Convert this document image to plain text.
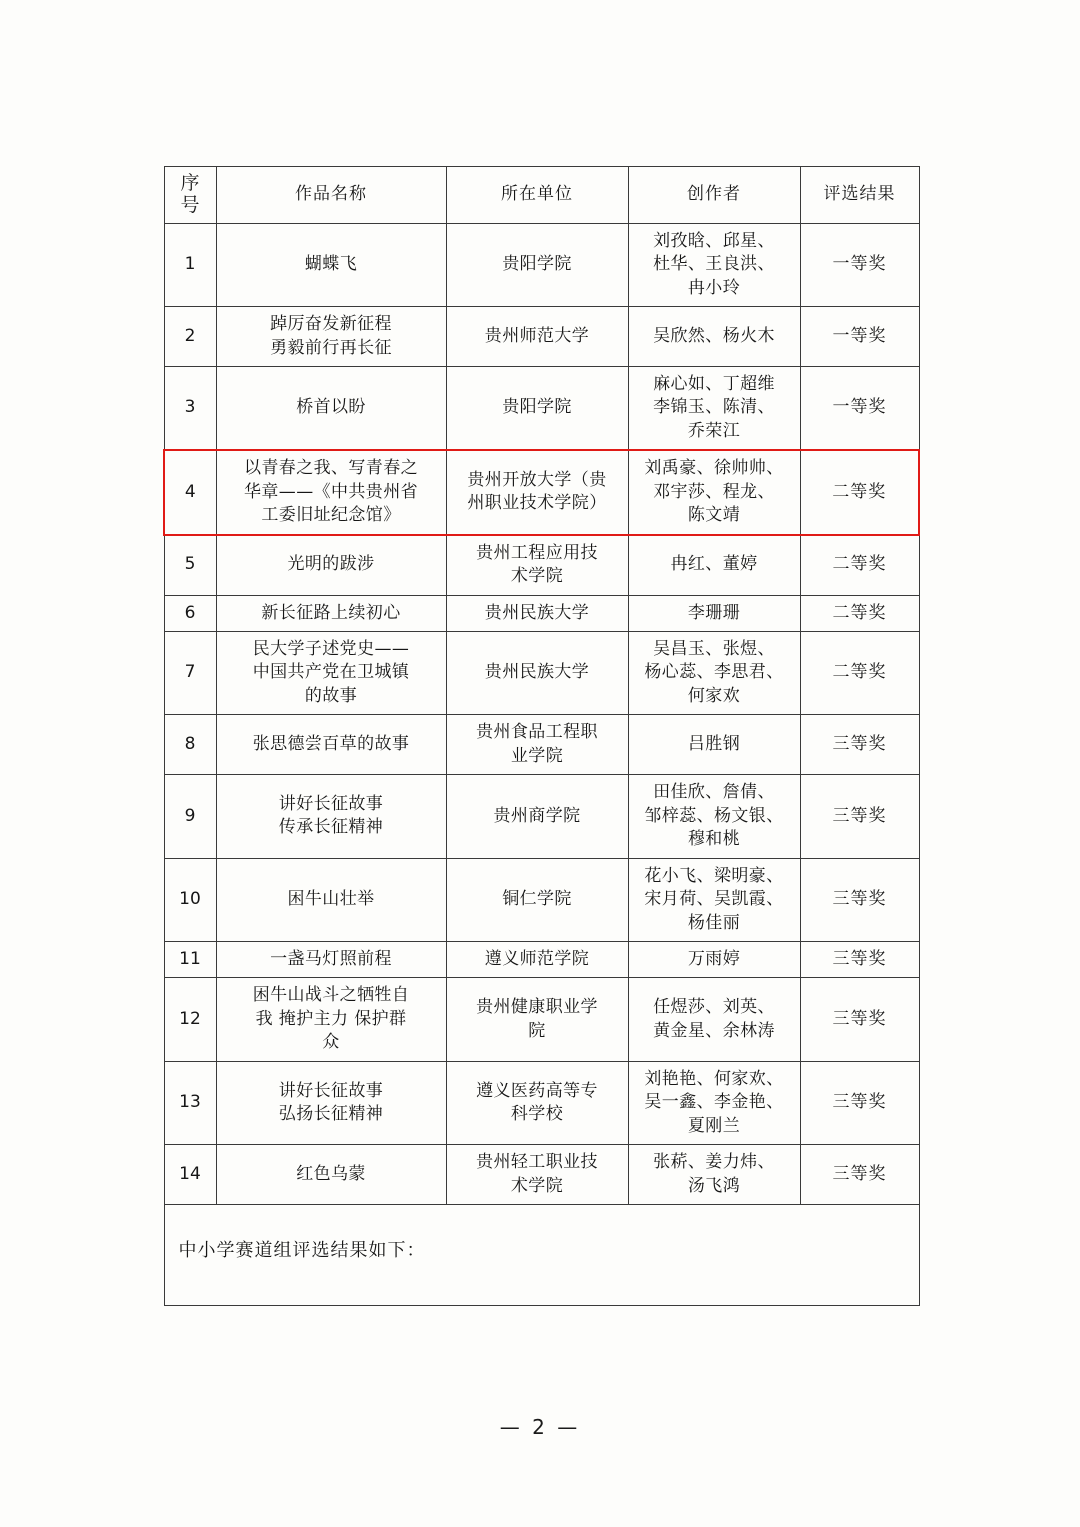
序
号	作品名称	所在单位	创作者	评选结果

1	蝴蝶飞	贵阳学院	刘孜晗、邱星、
杜华、王良洪、
冉小玲	一等奖
2	踔厉奋发新征程
勇毅前行再长征	贵州师范大学	吴欣然、杨火木	一等奖
3	桥首以盼	贵阳学院	麻心如、丁超维
李锦玉、陈清、
乔荣江	一等奖
4	以青春之我、写青春之
华章——《中共贵州省
工委旧址纪念馆》	贵州开放大学（贵
州职业技术学院）	刘禹豪、徐帅帅、
邓宇莎、程龙、
陈文靖	二等奖
5	光明的跋涉	贵州工程应用技
术学院	冉红、董婷	二等奖
6	新长征路上续初心	贵州民族大学	李珊珊	二等奖
7	民大学子述党史——
中国共产党在卫城镇
的故事	贵州民族大学	吴昌玉、张煜、
杨心蕊、李思君、
何家欢	二等奖
8	张思德尝百草的故事	贵州食品工程职
业学院	吕胜钢	三等奖
9	讲好长征故事
传承长征精神	贵州商学院	田佳欣、詹倩、
邹梓蕊、杨文银、
穆和桃	三等奖
10	困牛山壮举	铜仁学院	花小飞、梁明豪、
宋月荷、吴凯霞、
杨佳丽	三等奖
11	一盏马灯照前程	遵义师范学院	万雨婷	三等奖
12	困牛山战斗之牺牲自
我 掩护主力 保护群
众	贵州健康职业学
院	任煜莎、刘英、
黄金星、余林涛	三等奖
13	讲好长征故事
弘扬长征精神	遵义医药高等专
科学校	刘艳艳、何家欢、
吴一鑫、李金艳、
夏刚兰	三等奖
14	红色乌蒙	贵州轻工职业技
术学院	张菥、姜力炜、
汤飞鸿	三等奖
中小学赛道组评选结果如下：				
— 2 —
